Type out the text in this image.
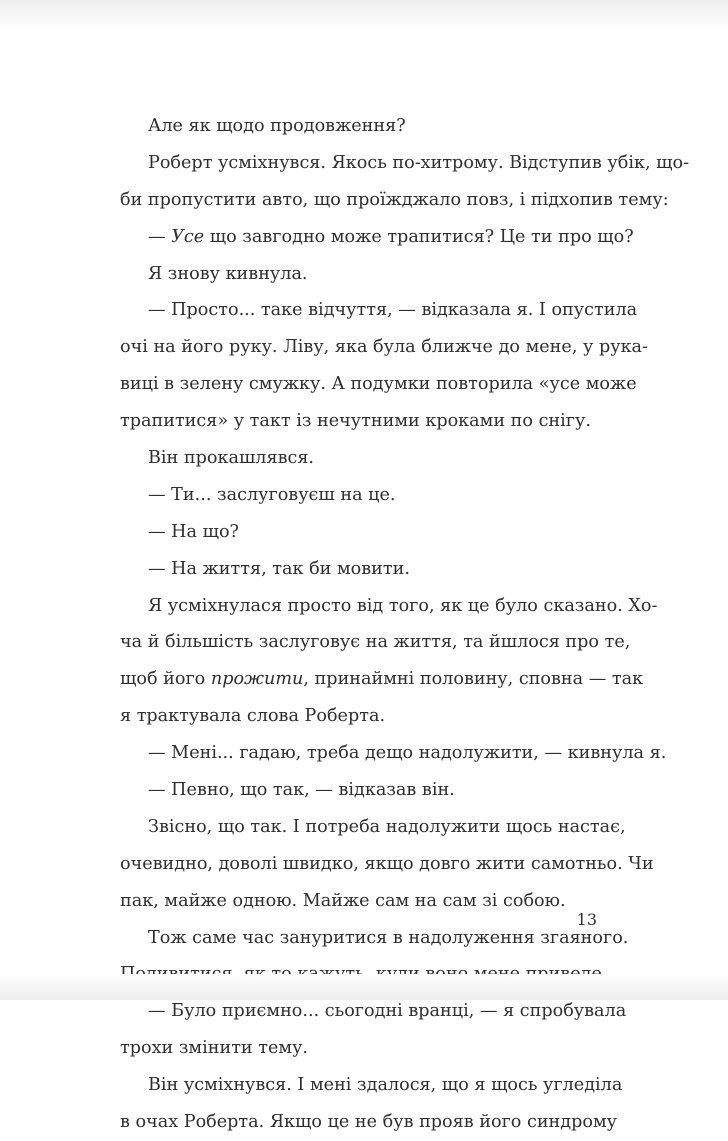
Але як щодо продовження?
Роберт усміхнувся. Якось по-хитрому. Відступив убік, що-
би пропустити авто, що проїжджало повз, і підхопив тему:
— Усе що завгодно може трапитися? Це ти про що?
Я знову кивнула.
— Просто... таке відчуття, — відказала я. І опустила
очі на його руку. Ліву, яка була ближче до мене, у рука-
виці в зелену смужку. А подумки повторила «усе може
трапитися» у такт із нечутними кроками по снігу.
Він прокашлявся.
— Ти... заслуговуєш на це.
— На що?
— На життя, так би мовити.
Я усміхнулася просто від того, як це було сказано. Хо-
ча й більшість заслуговує на життя, та йшлося про те,
щоб його прожити, принаймні половину, сповна — так
я трактувала слова Роберта.
— Мені... гадаю, треба дещо надолужити, — кивнула я.
— Певно, що так, — відказав він.
Звісно, що так. І потреба надолужити щось настає,
очевидно, доволі швидко, якщо довго жити самотньо. Чи
пак, майже одною. Майже сам на сам зі собою.
Тож саме час зануритися в надолуження згаяного.
— Було приємно... сьогодні вранці, — я спробувала
трохи змінити тему.
Він усміхнувся. І мені здалося, що я щось угледіла
в очах Роберта. Якщо це не був прояв його синдрому
13
